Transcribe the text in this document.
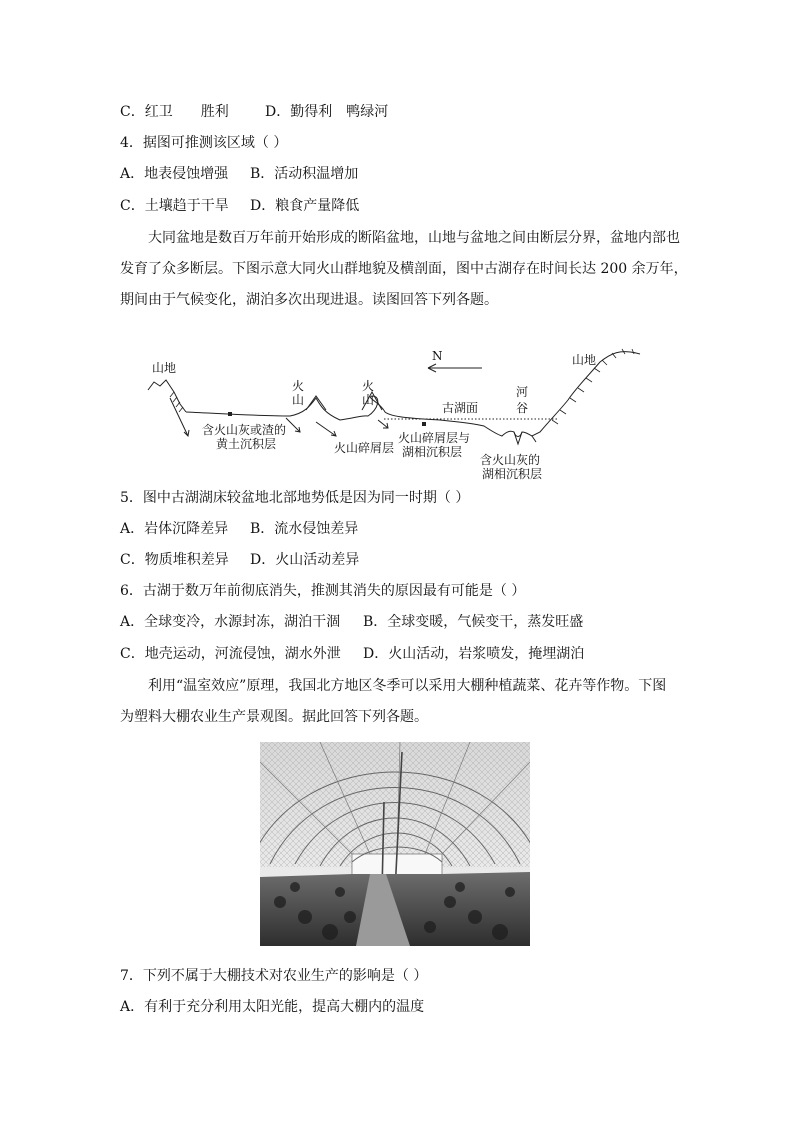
C．红卫　　胜利	D．勤得利　鸭绿河
4．据图可推测该区域（ ）
A．地表侵蚀增强 B．活动积温增加
C．土壤趋于干旱 D．粮食产量降低
　　大同盆地是数百万年前开始形成的断陷盆地，山地与盆地之间由断层分界，盆地内部也
发育了众多断层。下图示意大同火山群地貌及横剖面，图中古湖存在时间长达 200 余万年，
期间由于气候变化，湖泊多次出现进退。读图回答下列各题。
N
山地
山地
火
山
火
山
河
谷
古湖面
含火山灰或渣的
黄土沉积层	火山碎屑层
火山碎屑层与
湖相沉积层
含火山灰的
湖相沉积层
5．图中古湖湖床较盆地北部地势低是因为同一时期（ ）
A．岩体沉降差异 B．流水侵蚀差异
C．物质堆积差异 D．火山活动差异
6．古湖于数万年前彻底消失，推测其消失的原因最有可能是（ ）
A．全球变冷，水源封冻，湖泊干涸 B．全球变暖，气候变干，蒸发旺盛
C．地壳运动，河流侵蚀，湖水外泄 D．火山活动，岩浆喷发，掩埋湖泊
　　利用“温室效应”原理，我国北方地区冬季可以采用大棚种植蔬菜、花卉等作物。下图
为塑料大棚农业生产景观图。据此回答下列各题。
7．下列不属于大棚技术对农业生产的影响是（ ）
A．有利于充分利用太阳光能，提高大棚内的温度
